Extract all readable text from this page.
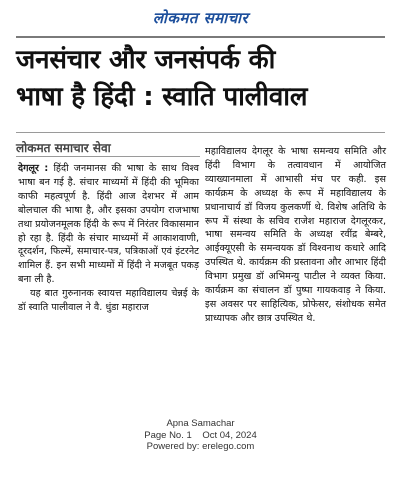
लोकमत समाचार
जनसंचार और जनसंपर्क की
भाषा है हिंदी : स्वाति पालीवाल
लोकमत समाचार सेवा

देगलूर : हिंदी जनमानस की भाषा के साथ विश्व भाषा बन गई है. संचार माध्यमों में हिंदी की भूमिका काफी महत्वपूर्ण है. हिंदी आज देशभर में आम बोलचाल की भाषा है, और इसका उपयोग राजभाषा तथा प्रयोजनमूलक हिंदी के रूप में निरंतर विकासमान हो रहा है. हिंदी के संचार माध्यमों में आकाशवाणी, दूरदर्शन, फिल्में, समाचार-पत्र, पत्रिकाओं एवं इंटरनेट शामिल हैं. इन सभी माध्यमों में हिंदी ने मजबूत पकड़ बना ली है.

यह बात गुरुनानक स्वायत्त महाविद्यालय चेन्नई के डॉ स्वाति पालीवाल ने वै. धुंडा महाराज

महाविद्यालय देगलूर के भाषा समन्वय समिति और हिंदी विभाग के तत्वावधान में आयोजित व्याख्यानमाला में आभासी मंच पर कही. इस कार्यक्रम के अध्यक्ष के रूप में महाविद्यालय के प्रधानाचार्य डॉ विजय कुलकर्णी थे. विशेष अतिथि के रूप में संस्था के सचिव राजेश महाराज देगलूरकर, भाषा समन्वय समिति के अध्यक्ष रवींद्र बेम्बरे, आईक्यूएसी के समन्वयक डॉ विश्वनाथ कधारे आदि उपस्थित थे. कार्यक्रम की प्रस्तावना और आभार हिंदी विभाग प्रमुख डॉ अभिमन्यु पाटील ने व्यक्त किया. कार्यक्रम का संचालन डॉ पुष्पा गायकवाड़ ने किया. इस अवसर पर साहित्यिक, प्रोफेसर, संशोधक समेत प्राध्यापक और छात्र उपस्थित थे.

Apna Samachar
Page No. 1    Oct 04, 2024
Powered by: erelego.com
